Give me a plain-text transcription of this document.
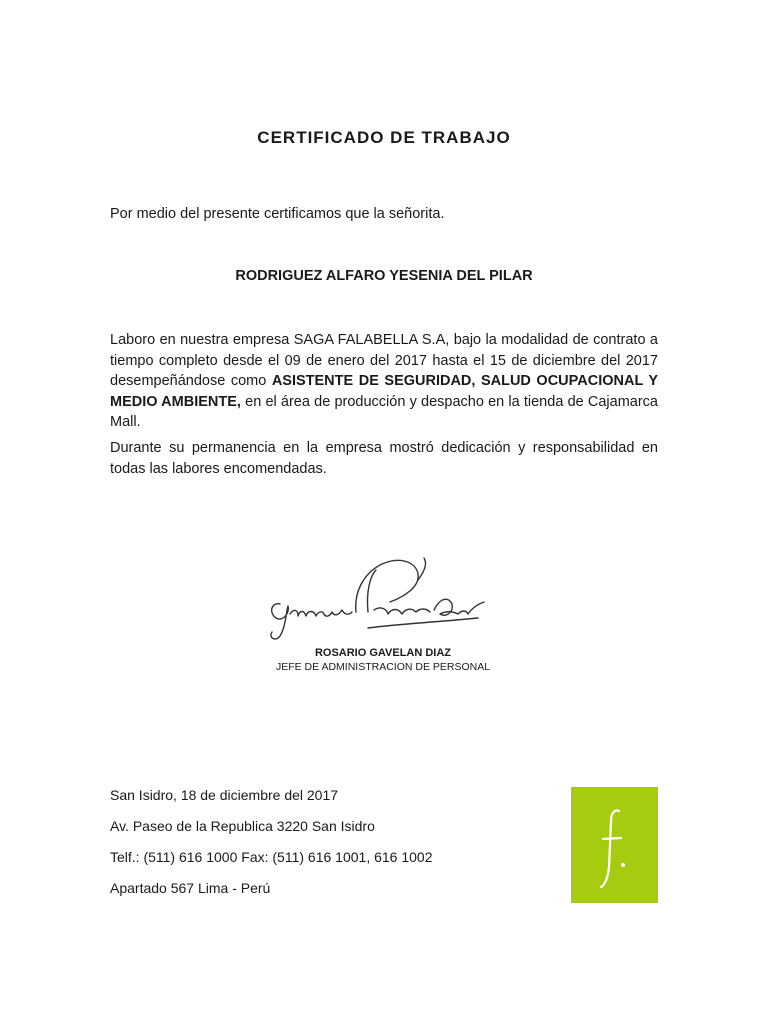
CERTIFICADO DE TRABAJO

Por medio del presente certificamos que la señorita.

RODRIGUEZ ALFARO YESENIA DEL PILAR

Laboro en nuestra empresa SAGA FALABELLA S.A, bajo la modalidad de contrato a tiempo completo desde el 09 de enero del 2017 hasta el 15 de diciembre del 2017 desempeñándose como ASISTENTE DE SEGURIDAD, SALUD OCUPACIONAL Y MEDIO AMBIENTE, en el área de producción y despacho en la tienda de Cajamarca Mall.

Durante su permanencia en la empresa mostró dedicación y responsabilidad en todas las labores encomendadas.

ROSARIO GAVELAN DIAZ

JEFE DE ADMINISTRACION DE PERSONAL

San Isidro, 18 de diciembre del 2017

Av. Paseo de la Republica 3220 San Isidro

Telf.: (511) 616 1000 Fax: (511) 616 1001, 616 1002

Apartado 567 Lima - Perú
